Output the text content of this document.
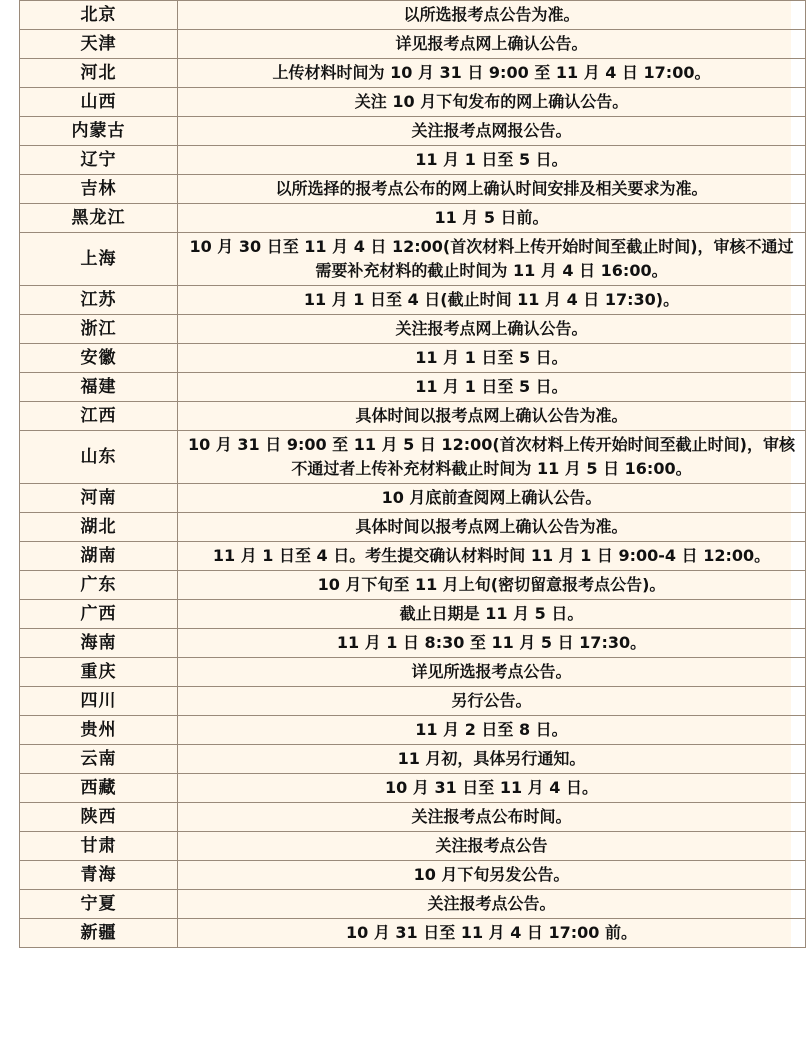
北京	以所选报考点公告为准。
天津	详见报考点网上确认公告。
河北	上传材料时间为 10 月 31 日 9:00 至 11 月 4 日 17:00。
山西	关注 10 月下旬发布的网上确认公告。
内蒙古	关注报考点网报公告。
辽宁	11 月 1 日至 5 日。
吉林	以所选择的报考点公布的网上确认时间安排及相关要求为准。
黑龙江	11 月 5 日前。
上海	10 月 30 日至 11 月 4 日 12:00(首次材料上传开始时间至截止时间)，审核不通过需要补充材料的截止时间为 11 月 4 日 16:00。
江苏	11 月 1 日至 4 日(截止时间 11 月 4 日 17:30)。
浙江	关注报考点网上确认公告。
安徽	11 月 1 日至 5 日。
福建	11 月 1 日至 5 日。
江西	具体时间以报考点网上确认公告为准。
山东	10 月 31 日 9:00 至 11 月 5 日 12:00(首次材料上传开始时间至截止时间)，审核不通过者上传补充材料截止时间为 11 月 5 日 16:00。
河南	10 月底前查阅网上确认公告。
湖北	具体时间以报考点网上确认公告为准。
湖南	11 月 1 日至 4 日。考生提交确认材料时间 11 月 1 日 9:00-4 日 12:00。
广东	10 月下旬至 11 月上旬(密切留意报考点公告)。
广西	截止日期是 11 月 5 日。
海南	11 月 1 日 8:30 至 11 月 5 日 17:30。
重庆	详见所选报考点公告。
四川	另行公告。
贵州	11 月 2 日至 8 日。
云南	11 月初，具体另行通知。
西藏	10 月 31 日至 11 月 4 日。
陕西	关注报考点公布时间。
甘肃	关注报考点公告
青海	10 月下旬另发公告。
宁夏	关注报考点公告。
新疆	10 月 31 日至 11 月 4 日 17:00 前。
